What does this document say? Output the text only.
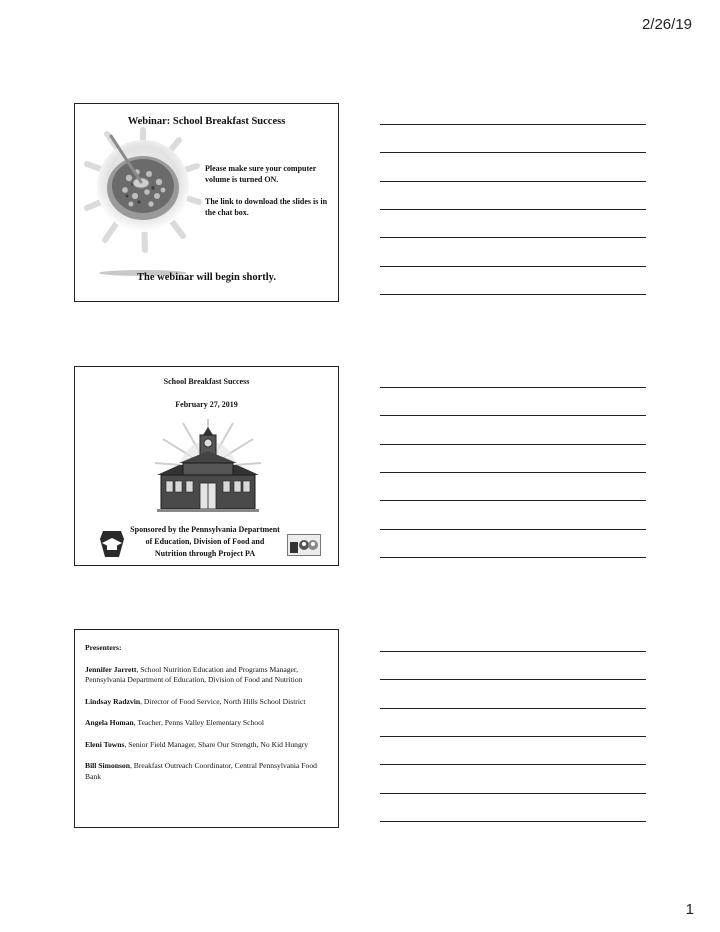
2/26/19
Webinar: School Breakfast Success
Please make sure your computer volume is turned ON.
The link to download the slides is in the chat box.
The webinar will begin shortly.
School Breakfast Success
February 27, 2019
Sponsored by the Pennsylvania Department of Education, Division of Food and Nutrition through Project PA
Presenters:
Jennifer Jarrett, School Nutrition Education and Programs Manager, Pennsylvania Department of Education, Division of Food and Nutrition
Lindsay Radzvin, Director of Food Service, North Hills School District
Angela Homan, Teacher, Penns Valley Elementary School
Eleni Towns, Senior Field Manager, Share Our Strength, No Kid Hungry
Bill Simonson, Breakfast Outreach Coordinator, Central Pennsylvania Food Bank
1
